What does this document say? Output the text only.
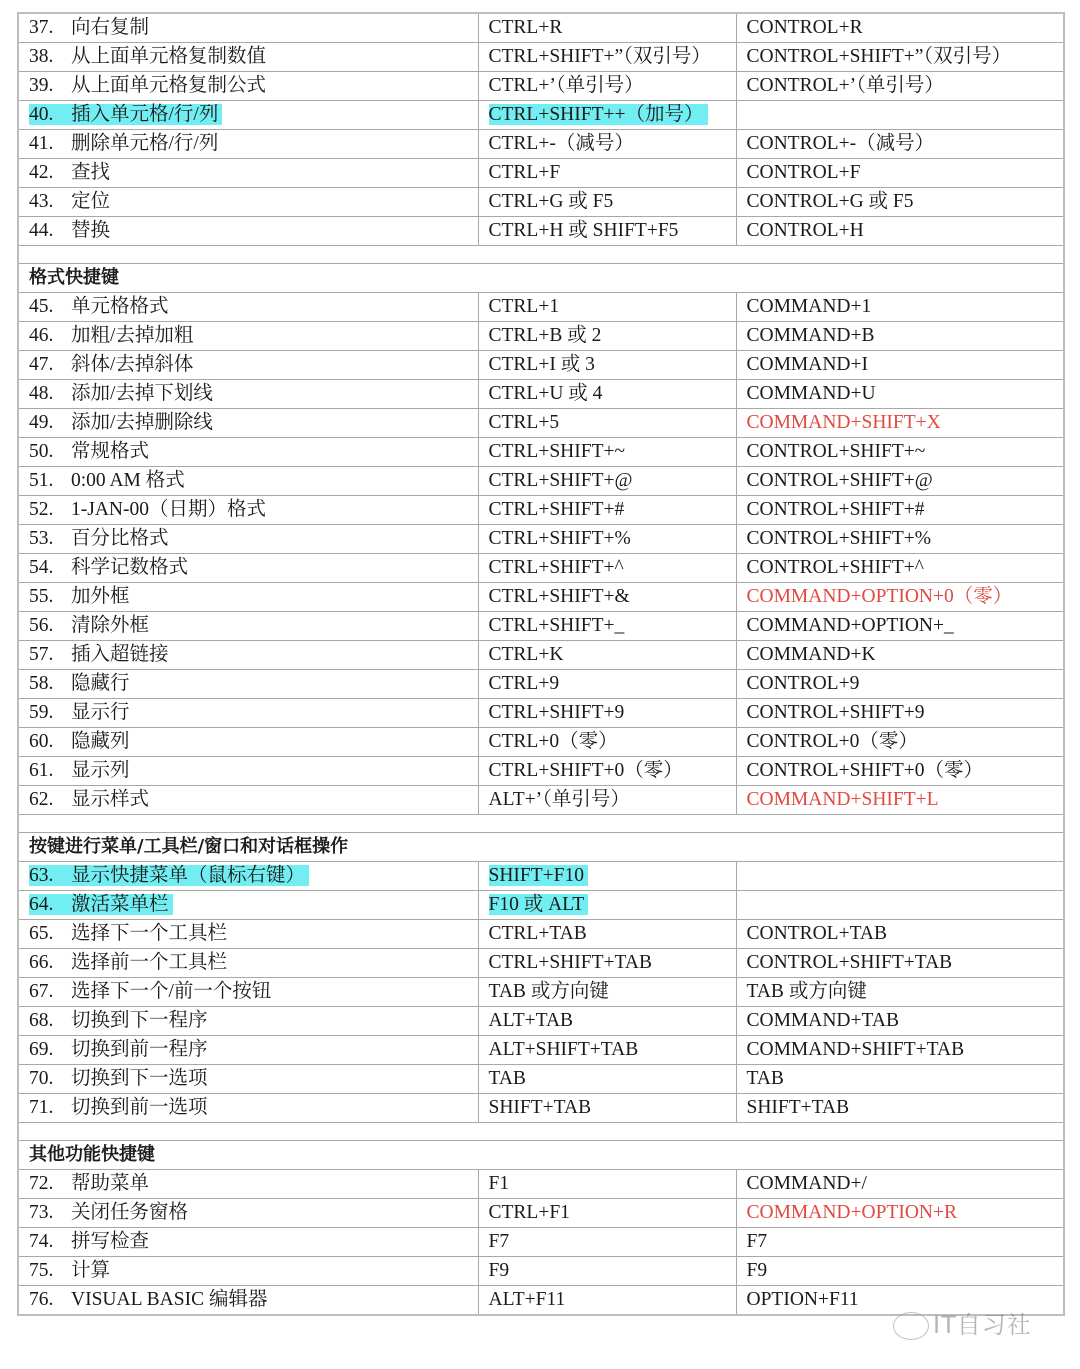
37. 向右复制	CTRL+R	CONTROL+R
38. 从上面单元格复制数值	CTRL+SHIFT+”（双引号）	CONTROL+SHIFT+”（双引号）
39. 从上面单元格复制公式	CTRL+’（单引号）	CONTROL+’（单引号）
40. 插入单元格/行/列	CTRL+SHIFT++（加号）	
41. 删除单元格/行/列	CTRL+-（减号）	CONTROL+-（减号）
42. 查找	CTRL+F	CONTROL+F
43. 定位	CTRL+G 或 F5	CONTROL+G 或 F5
44. 替换	CTRL+H 或 SHIFT+F5	CONTROL+H

格式快捷键		
45. 单元格格式	CTRL+1	COMMAND+1
46. 加粗/去掉加粗	CTRL+B 或 2	COMMAND+B
47. 斜体/去掉斜体	CTRL+I 或 3	COMMAND+I
48. 添加/去掉下划线	CTRL+U 或 4	COMMAND+U
49. 添加/去掉删除线	CTRL+5	COMMAND+SHIFT+X
50. 常规格式	CTRL+SHIFT+~	CONTROL+SHIFT+~
51. 0:00 AM 格式	CTRL+SHIFT+@	CONTROL+SHIFT+@
52. 1-JAN-00（日期）格式	CTRL+SHIFT+#	CONTROL+SHIFT+#
53. 百分比格式	CTRL+SHIFT+%	CONTROL+SHIFT+%
54. 科学记数格式	CTRL+SHIFT+^	CONTROL+SHIFT+^
55. 加外框	CTRL+SHIFT+&	COMMAND+OPTION+0（零）
56. 清除外框	CTRL+SHIFT+_	COMMAND+OPTION+_
57. 插入超链接	CTRL+K	COMMAND+K
58. 隐藏行	CTRL+9	CONTROL+9
59. 显示行	CTRL+SHIFT+9	CONTROL+SHIFT+9
60. 隐藏列	CTRL+0（零）	CONTROL+0（零）
61. 显示列	CTRL+SHIFT+0（零）	CONTROL+SHIFT+0（零）
62. 显示样式	ALT+’（单引号）	COMMAND+SHIFT+L

按键进行菜单/工具栏/窗口和对话框操作		
63. 显示快捷菜单（鼠标右键）	SHIFT+F10	
64. 激活菜单栏	F10 或 ALT	
65. 选择下一个工具栏	CTRL+TAB	CONTROL+TAB
66. 选择前一个工具栏	CTRL+SHIFT+TAB	CONTROL+SHIFT+TAB
67. 选择下一个/前一个按钮	TAB 或方向键	TAB 或方向键
68. 切换到下一程序	ALT+TAB	COMMAND+TAB
69. 切换到前一程序	ALT+SHIFT+TAB	COMMAND+SHIFT+TAB
70. 切换到下一选项	TAB	TAB
71. 切换到前一选项	SHIFT+TAB	SHIFT+TAB

其他功能快捷键		
72. 帮助菜单	F1	COMMAND+/
73. 关闭任务窗格	CTRL+F1	COMMAND+OPTION+R
74. 拼写检查	F7	F7
75. 计算	F9	F9
76. VISUAL BASIC 编辑器	ALT+F11	OPTION+F11
IT自习社
